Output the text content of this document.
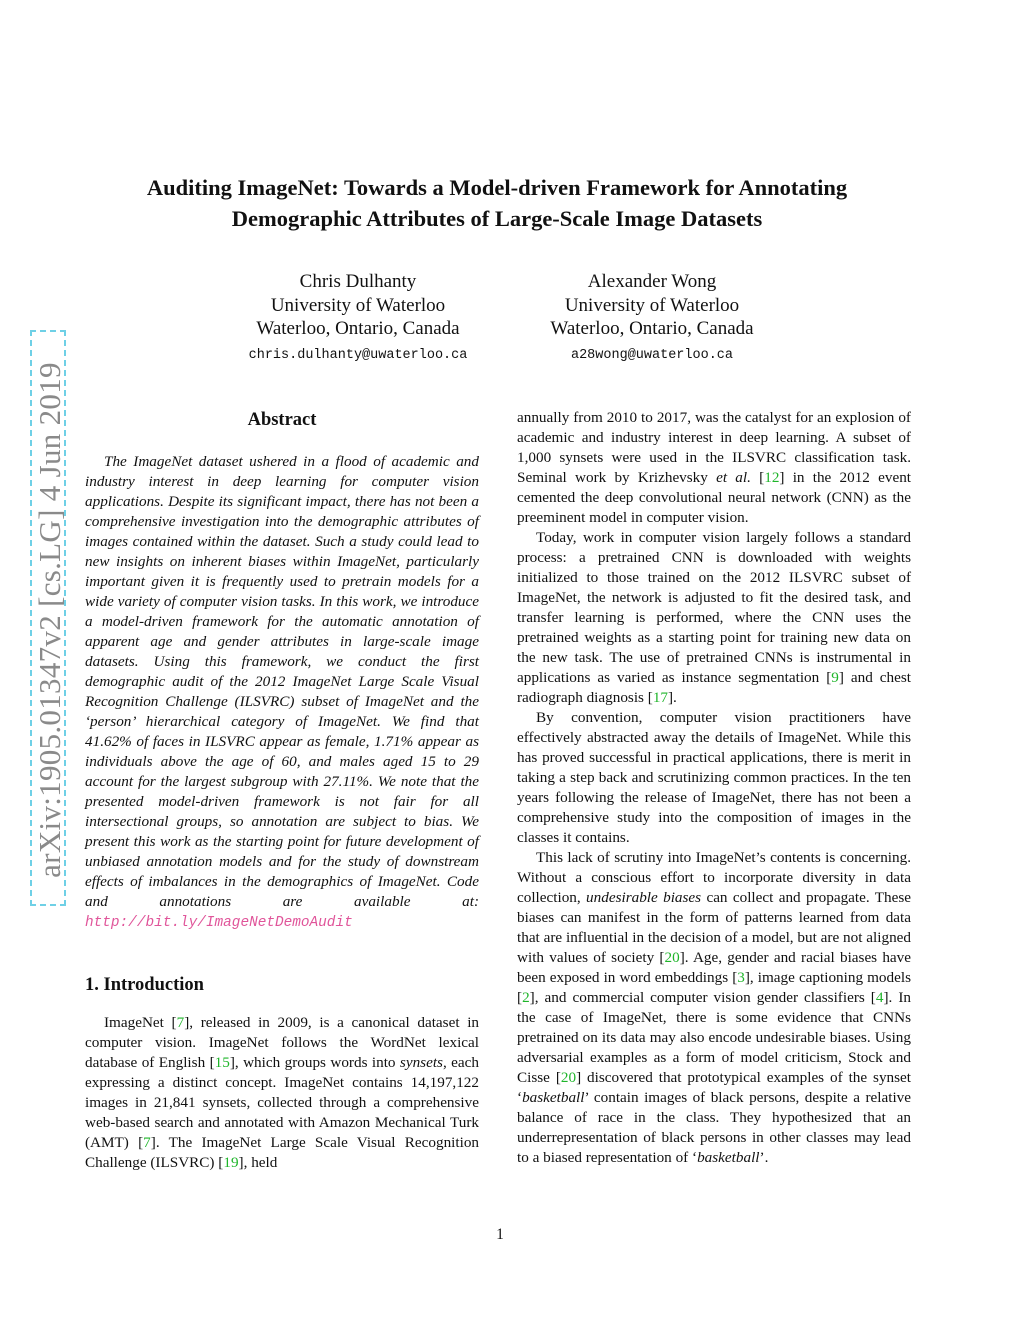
arXiv:1905.01347v2 [cs.LG] 4 Jun 2019
Auditing ImageNet: Towards a Model-driven Framework for Annotating
Demographic Attributes of Large-Scale Image Datasets
Chris Dulhanty
University of Waterloo
Waterloo, Ontario, Canada
chris.dulhanty@uwaterloo.ca
Alexander Wong
University of Waterloo
Waterloo, Ontario, Canada
a28wong@uwaterloo.ca
Abstract

The ImageNet dataset ushered in a flood of academic and industry interest in deep learning for computer vision applications. Despite its significant impact, there has not been a comprehensive investigation into the demographic attributes of images contained within the dataset. Such a study could lead to new insights on inherent biases within ImageNet, particularly important given it is frequently used to pretrain models for a wide variety of computer vision tasks. In this work, we introduce a model-driven framework for the automatic annotation of apparent age and gender attributes in large-scale image datasets. Using this framework, we conduct the first demographic audit of the 2012 ImageNet Large Scale Visual Recognition Challenge (ILSVRC) subset of ImageNet and the ‘person’ hierarchical category of ImageNet. We find that 41.62% of faces in ILSVRC appear as female, 1.71% appear as individuals above the age of 60, and males aged 15 to 29 account for the largest subgroup with 27.11%. We note that the presented model-driven framework is not fair for all intersectional groups, so annotation are subject to bias. We present this work as the starting point for future development of unbiased annotation models and for the study of downstream effects of imbalances in the demographics of ImageNet. Code and annotations are available at: http://bit.ly/ImageNetDemoAudit

1. Introduction

ImageNet [7], released in 2009, is a canonical dataset in computer vision. ImageNet follows the WordNet lexical database of English [15], which groups words into synsets, each expressing a distinct concept. ImageNet contains 14,197,122 images in 21,841 synsets, collected through a comprehensive web-based search and annotated with Amazon Mechanical Turk (AMT) [7]. The ImageNet Large Scale Visual Recognition Challenge (ILSVRC) [19], held

annually from 2010 to 2017, was the catalyst for an explosion of academic and industry interest in deep learning. A subset of 1,000 synsets were used in the ILSVRC classification task. Seminal work by Krizhevsky et al. [12] in the 2012 event cemented the deep convolutional neural network (CNN) as the preeminent model in computer vision.

Today, work in computer vision largely follows a standard process: a pretrained CNN is downloaded with weights initialized to those trained on the 2012 ILSVRC subset of ImageNet, the network is adjusted to fit the desired task, and transfer learning is performed, where the CNN uses the pretrained weights as a starting point for training new data on the new task. The use of pretrained CNNs is instrumental in applications as varied as instance segmentation [9] and chest radiograph diagnosis [17].

By convention, computer vision practitioners have effectively abstracted away the details of ImageNet. While this has proved successful in practical applications, there is merit in taking a step back and scrutinizing common practices. In the ten years following the release of ImageNet, there has not been a comprehensive study into the composition of images in the classes it contains.

This lack of scrutiny into ImageNet’s contents is concerning. Without a conscious effort to incorporate diversity in data collection, undesirable biases can collect and propagate. These biases can manifest in the form of patterns learned from data that are influential in the decision of a model, but are not aligned with values of society [20]. Age, gender and racial biases have been exposed in word embeddings [3], image captioning models [2], and commercial computer vision gender classifiers [4]. In the case of ImageNet, there is some evidence that CNNs pretrained on its data may also encode undesirable biases. Using adversarial examples as a form of model criticism, Stock and Cisse [20] discovered that prototypical examples of the synset ‘basketball’ contain images of black persons, despite a relative balance of race in the class. They hypothesized that an underrepresentation of black persons in other classes may lead to a biased representation of ‘basketball’.

1
